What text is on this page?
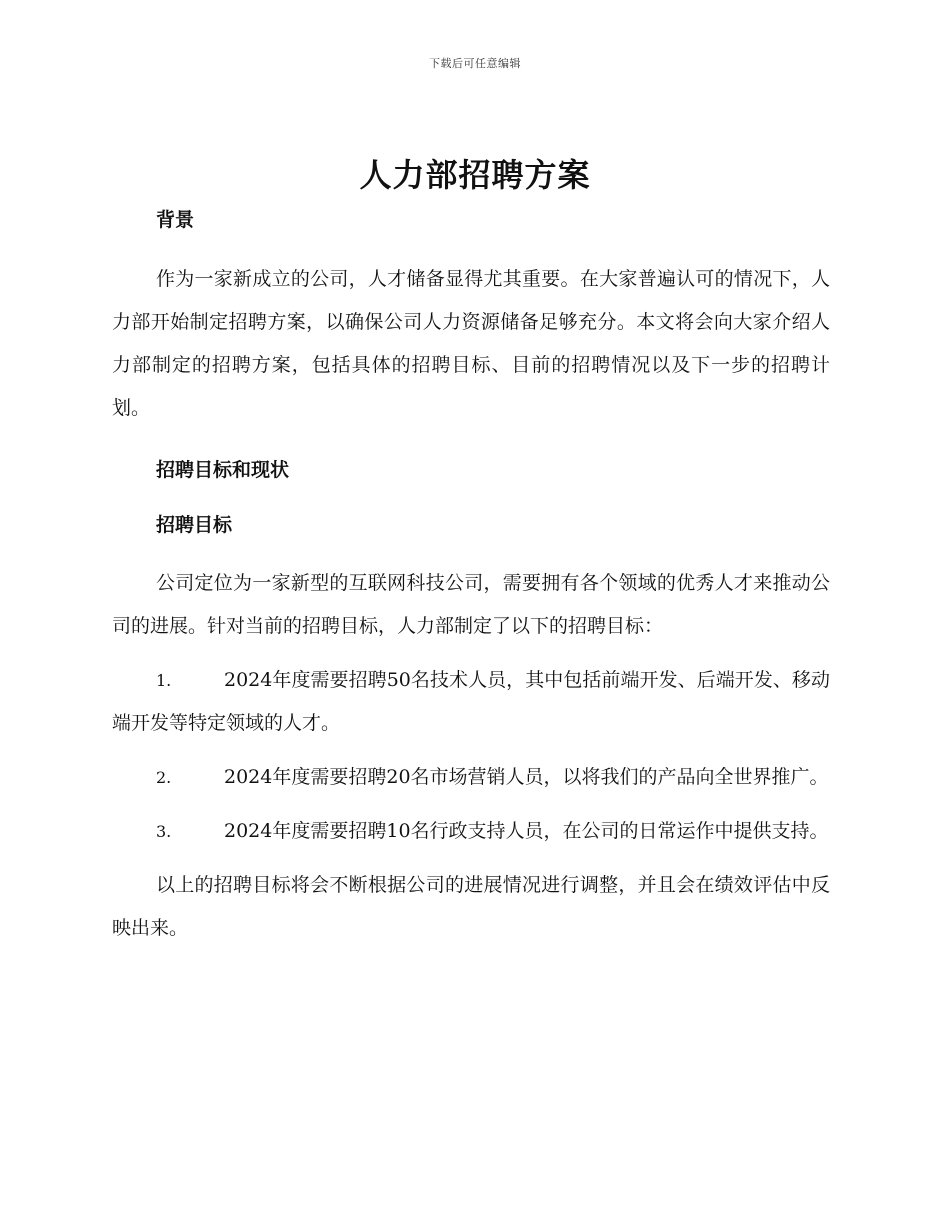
下载后可任意编辑
人力部招聘方案

背景

作为一家新成立的公司，人才储备显得尤其重要。在大家普遍认可的情况下，人力部开始制定招聘方案，以确保公司人力资源储备足够充分。本文将会向大家介绍人力部制定的招聘方案，包括具体的招聘目标、目前的招聘情况以及下一步的招聘计划。

招聘目标和现状

招聘目标

公司定位为一家新型的互联网科技公司，需要拥有各个领域的优秀人才来推动公司的进展。针对当前的招聘目标，人力部制定了以下的招聘目标：

1.	2024年度需要招聘50名技术人员，其中包括前端开发、后端开发、移动端开发等特定领域的人才。

2.	2024年度需要招聘20名市场营销人员，以将我们的产品向全世界推广。

3.	2024年度需要招聘10名行政支持人员，在公司的日常运作中提供支持。

以上的招聘目标将会不断根据公司的进展情况进行调整，并且会在绩效评估中反映出来。
